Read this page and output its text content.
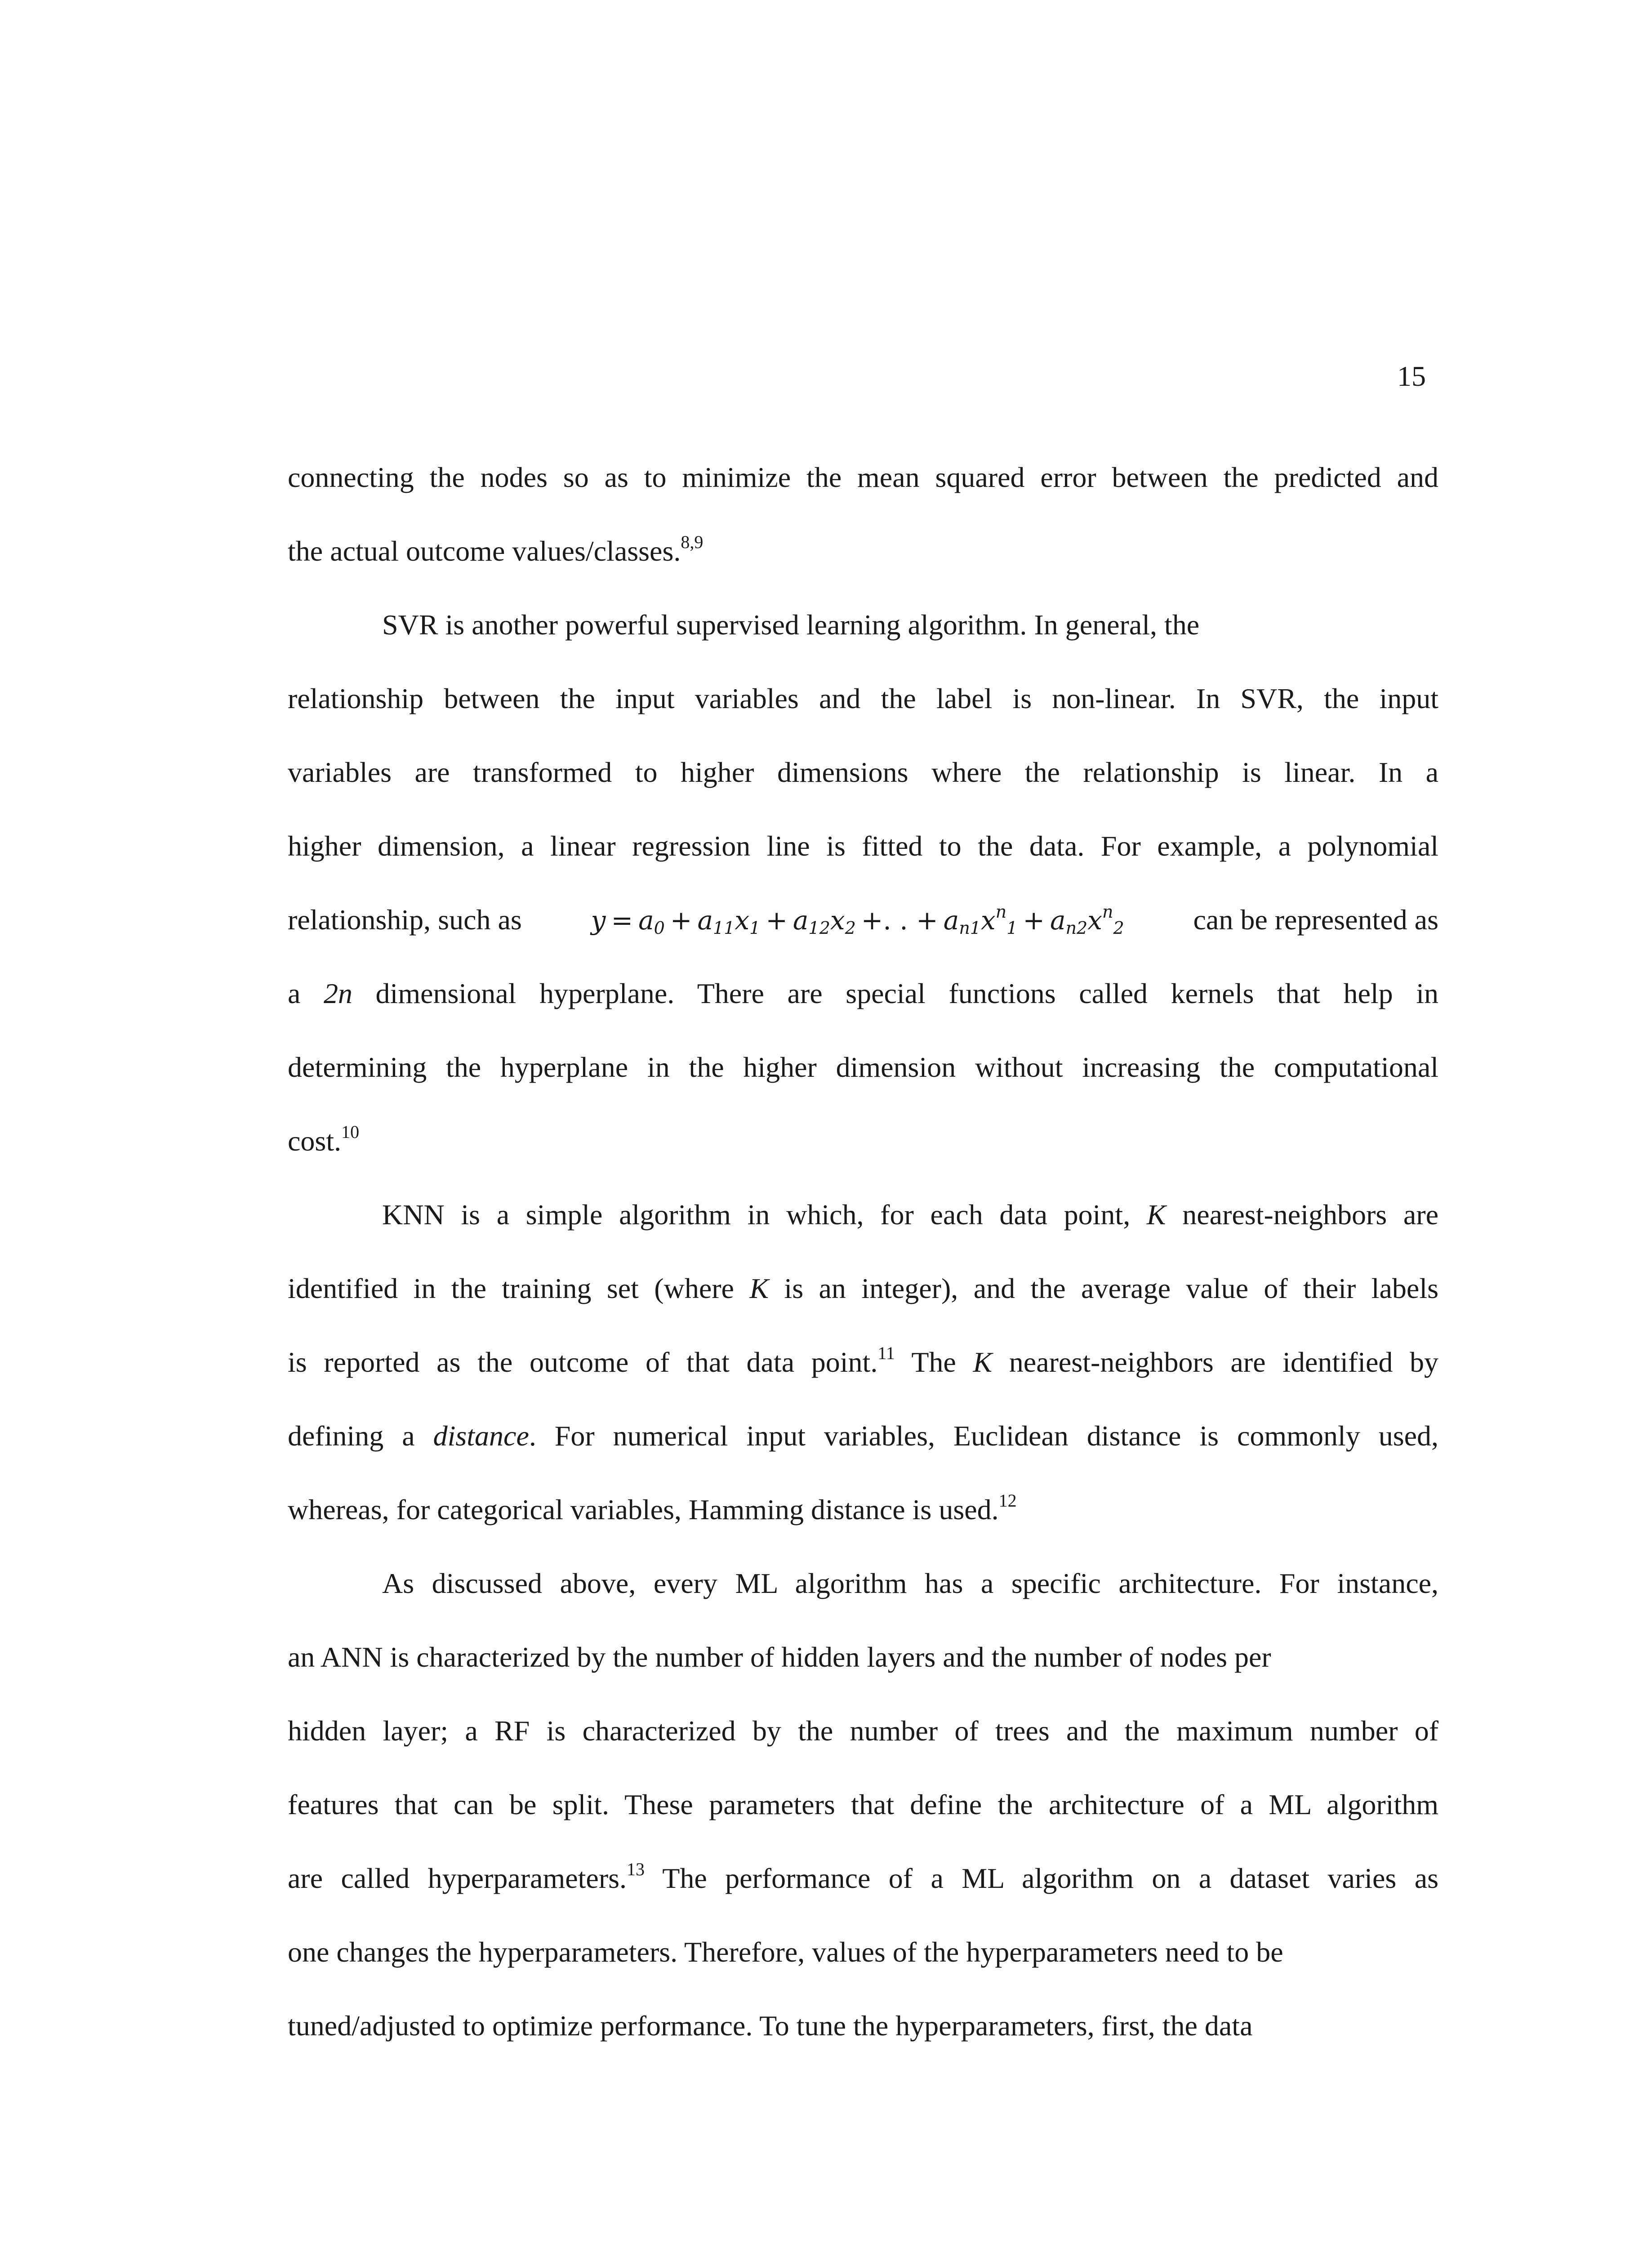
15
connecting the nodes so as to minimize the mean squared error between the predicted and
the actual outcome values/classes.$^{8,9}$
SVR is another powerful supervised learning algorithm. In general, the
relationship between the input variables and the label is non-linear. In SVR, the input
variables are transformed to higher dimensions where the relationship is linear. In a
higher dimension, a linear regression line is fitted to the data. For example, a polynomial
relationship, such as	$y = a_0 + a_{11}x_1 + a_{12}x_2$ +. . + $a_{n1}x^n_1 + a_{n2}x^n_2$ can be represented as
a 2n dimensional hyperplane. There are special functions called kernels that help in
determining the hyperplane in the higher dimension without increasing the computational
cost.$^{10}$
KNN is a simple algorithm in which, for each data point, K nearest-neighbors are
identified in the training set (where K is an integer), and the average value of their labels
is reported as the outcome of that data point.$^{11}$ The K nearest-neighbors are identified by
defining a distance. For numerical input variables, Euclidean distance is commonly used,
whereas, for categorical variables, Hamming distance is used.$^{12}$
As discussed above, every ML algorithm has a specific architecture. For instance,
an ANN is characterized by the number of hidden layers and the number of nodes per
hidden layer; a RF is characterized by the number of trees and the maximum number of
features that can be split. These parameters that define the architecture of a ML algorithm
are called hyperparameters.$^{13}$ The performance of a ML algorithm on a dataset varies as
one changes the hyperparameters. Therefore, values of the hyperparameters need to be
tuned/adjusted to optimize performance. To tune the hyperparameters, first, the data
